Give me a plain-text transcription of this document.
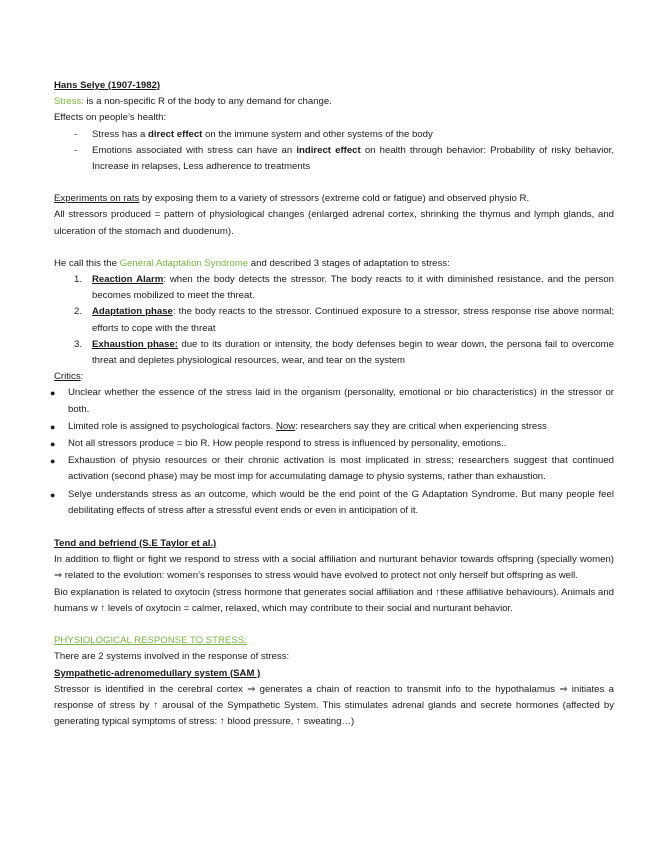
Hans Selye (1907-1982)

Stress: is a non-specific R of the body to any demand for change.

Effects on people’s health:

- Stress has a direct effect on the immune system and other systems of the body
- Emotions associated with stress can have an indirect effect on health through behavior: Probability of risky behavior, Increase in relapses, Less adherence to treatments

Experiments on rats by exposing them to a variety of stressors (extreme cold or fatigue) and observed physio R.

All stressors produced = pattern of physiological changes (enlarged adrenal cortex, shrinking the thymus and lymph glands, and ulceration of the stomach and duodenum).

He call this the General Adaptation Syndrome and described 3 stages of adaptation to stress:

1. Reaction Alarm: when the body detects the stressor. The body reacts to it with diminished resistance, and the person becomes mobilized to meet the threat.
2. Adaptation phase: the body reacts to the stressor. Continued exposure to a stressor, stress response rise above normal; efforts to cope with the threat
3. Exhaustion phase: due to its duration or intensity, the body defenses begin to wear down, the persona fail to overcome threat and depletes physiological resources, wear, and tear on the system

Critics:

● Unclear whether the essence of the stress laid in the organism (personality, emotional or bio characteristics) in the stressor or both.
● Limited role is assigned to psychological factors. Now: researchers say they are critical when experiencing stress
● Not all stressors produce = bio R. How people respond to stress is influenced by personality, emotions..
● Exhaustion of physio resources or their chronic activation is most implicated in stress; researchers suggest that continued activation (second phase) may be most imp for accumulating damage to physio systems, rather than exhaustion.
● Selye understands stress as an outcome, which would be the end point of the G Adaptation Syndrome. But many people feel debilitating effects of stress after a stressful event ends or even in anticipation of it.

Tend and befriend (S.E Taylor et al.)

In addition to flight or fight we respond to stress with a social affiliation and nurturant behavior towards offspring (specially women) ⇒ related to the evolution: women’s responses to stress would have evolved to protect not only herself but offspring as well.

Bio explanation is related to oxytocin (stress hormone that generates social affiliation and ↑these affiliative behaviours). Animals and humans w ↑ levels of oxytocin = calmer, relaxed, which may contribute to their social and nurturant behavior.

PHYSIOLOGICAL RESPONSE TO STRESS:

There are 2 systems involved in the response of stress:

Sympathetic-adrenomedullary system (SAM )

Stressor is identified in the cerebral cortex ⇒ generates a chain of reaction to transmit info to the hypothalamus ⇒ initiates a response of stress by ↑ arousal of the Sympathetic System. This stimulates adrenal glands and secrete hormones (affected by generating typical symptoms of stress: ↑ blood pressure, ↑ sweating…)
